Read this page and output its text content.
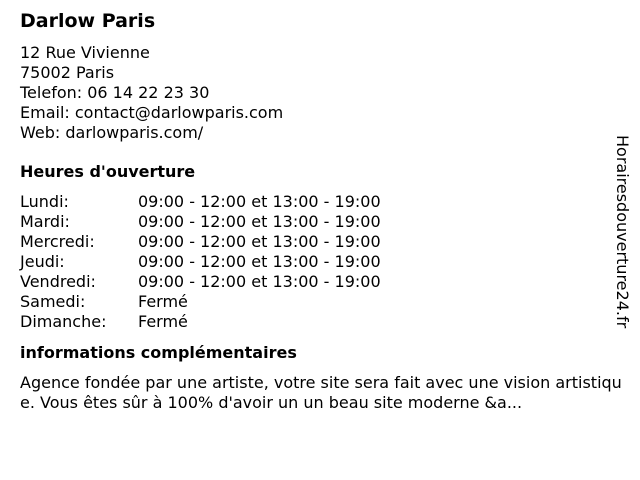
Darlow Paris
12 Rue Vivienne
75002 Paris
Telefon: 06 14 22 23 30
Email: contact@darlowparis.com
Web: darlowparis.com/
Heures d'ouverture
Lundi:	09:00 - 12:00 et 13:00 - 19:00
Mardi:	09:00 - 12:00 et 13:00 - 19:00
Mercredi:	09:00 - 12:00 et 13:00 - 19:00
Jeudi:	09:00 - 12:00 et 13:00 - 19:00
Vendredi:	09:00 - 12:00 et 13:00 - 19:00
Samedi:	Fermé
Dimanche:	Fermé
informations complémentaires
Agence fondée par une artiste, votre site sera fait avec une vision artistique. Vous êtes sûr à 100% d'avoir un un beau site moderne &a...
Horairesdouverture24.fr
